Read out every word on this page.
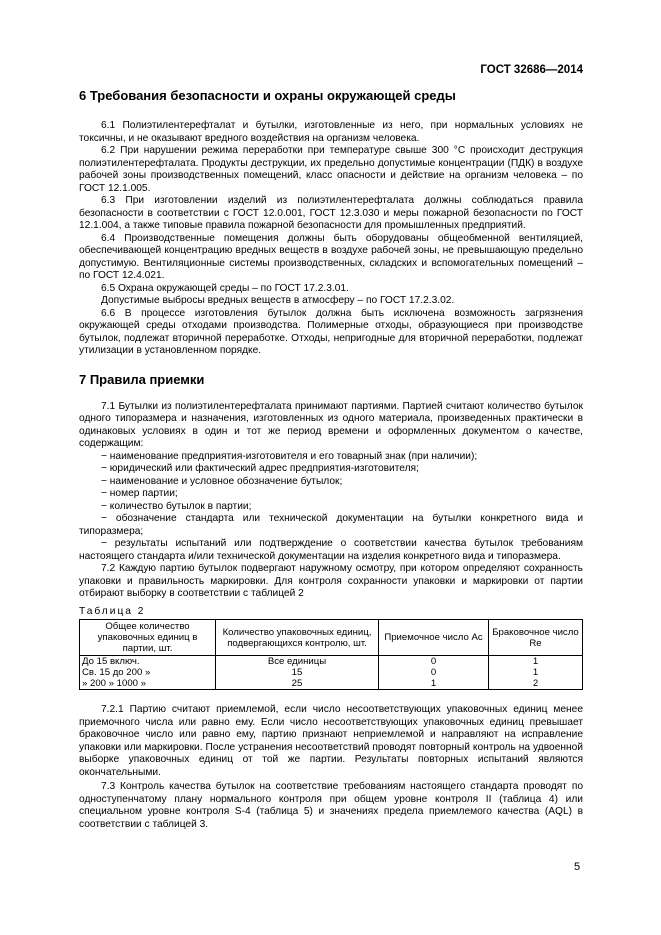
ГОСТ 32686—2014
6 Требования безопасности и охраны окружающей среды

6.1 Полиэтилентерефталат и бутылки, изготовленные из него, при нормальных условиях не токсичны, и не оказывают вредного воздействия на организм человека.

6.2 При нарушении режима переработки при температуре свыше 300 °С происходит деструкция полиэтилентерефталата. Продукты деструкции, их предельно допустимые концентрации (ПДК) в воздухе рабочей зоны производственных помещений, класс опасности и действие на организм человека – по ГОСТ 12.1.005.

6.3 При изготовлении изделий из полиэтилентерефталата должны соблюдаться правила безопасности в соответствии с ГОСТ 12.0.001, ГОСТ 12.3.030 и меры пожарной безопасности по ГОСТ 12.1.004, а также типовые правила пожарной безопасности для промышленных предприятий.

6.4 Производственные помещения должны быть оборудованы общеобменной вентиляцией, обеспечивающей концентрацию вредных веществ в воздухе рабочей зоны, не превышающую предельно допустимую. Вентиляционные системы производственных, складских и вспомогательных помещений – по ГОСТ 12.4.021.

6.5 Охрана окружающей среды – по ГОСТ 17.2.3.01.

Допустимые выбросы вредных веществ в атмосферу – по ГОСТ 17.2.3.02.

6.6 В процессе изготовления бутылок должна быть исключена возможность загрязнения окружающей среды отходами производства. Полимерные отходы, образующиеся при производстве бутылок, подлежат вторичной переработке. Отходы, непригодные для вторичной переработки, подлежат утилизации в установленном порядке.

7 Правила приемки

7.1 Бутылки из полиэтилентерефталата принимают партиями. Партией считают количество бутылок одного типоразмера и назначения, изготовленных из одного материала, произведенных практически в одинаковых условиях в один и тот же период времени и оформленных документом о качестве, содержащим:

− наименование предприятия-изготовителя и его товарный знак (при наличии);
− юридический или фактический адрес предприятия-изготовителя;
− наименование и условное обозначение бутылок;
− номер партии;
− количество бутылок в партии;
− обозначение стандарта или технической документации на бутылки конкретного вида и типоразмера;
− результаты испытаний или подтверждение о соответствии качества бутылок требованиям настоящего стандарта и/или технической документации на изделия конкретного вида и типоразмера.

7.2 Каждую партию бутылок подвергают наружному осмотру, при котором определяют сохранность упаковки и правильность маркировки. Для контроля сохранности упаковки и маркировки от партии отбирают выборку в соответствии с таблицей 2

Таблица 2
Общее количество упаковочных единиц в партии, шт.	Количество упаковочных единиц, подвергающихся контролю, шт.	Приемочное число Ac	Браковочное число Re
До 15 включ.	Все единицы	0	1
Св. 15 до 200 »	15	0	1
» 200 » 1000 »	25	1	2

7.2.1 Партию считают приемлемой, если число несоответствующих упаковочных единиц менее приемочного числа или равно ему. Если число несоответствующих упаковочных единиц превышает браковочное число или равно ему, партию признают неприемлемой и направляют на исправление упаковки или маркировки. После устранения несоответствий проводят повторный контроль на удвоенной выборке упаковочных единиц от той же партии. Результаты повторных испытаний являются окончательными.

7.3 Контроль качества бутылок на соответствие требованиям настоящего стандарта проводят по одноступенчатому плану нормального контроля при общем уровне контроля II (таблица 4) или специальном уровне контроля S-4 (таблица 5) и значениях предела приемлемого качества (AQL) в соответствии с таблицей 3.

5
